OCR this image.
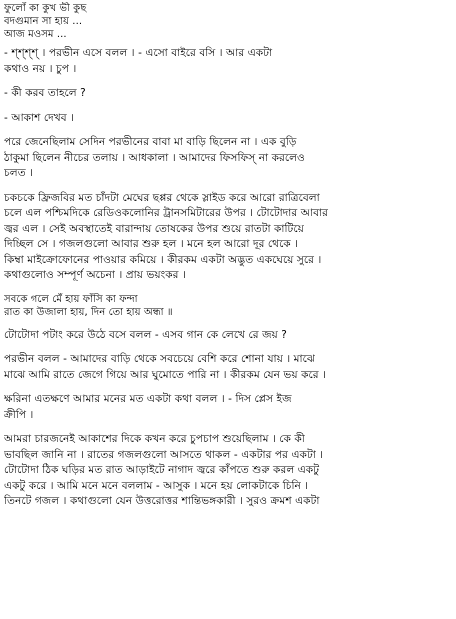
ফুলোঁ কা কুখ ভী কুছ
বদগুমান সা হায় ...
আজ মওসম ...
- শ্‌শ্‌শ্‌শ্‌ । পরভীন এসে বলল । - এসো বাইরে বসি । আর একটা
কথাও নয় । চুপ ।
- কী করব তাহলে ?
- আকাশ দেখব ।
পরে জেনেছিলাম সেদিন পরভীনের বাবা মা বাড়ি ছিলেন না । এক বুড়ি
ঠাকুমা ছিলেন নীচের তলায় । আধকালা । আমাদের ফিসফিস্‌ না করলেও
চলত ।
চকচকে ফ্রিজবির মত চাঁদটা মেঘের ছপ্পর থেকে স্লাইড করে আরো রাত্রিবেলা
চলে এল পশ্চিমদিকে রেডিওকলোনির ট্রানসমিটারের উপর । টোটোদার আবার
জ্বর এল । সেই অবস্থাতেই বারান্দায় তোষকের উপর শুয়ে রাতটা কাটিয়ে
দিচ্ছিল সে । গজলগুলো আবার শুরু হল । মনে হল আরো দূর থেকে ।
কিম্বা মাইক্রোফোনের পাওয়ার কমিয়ে । কীরকম একটা অদ্ভুত একঘেয়ে সুরে ।
কথাগুলোও সম্পূর্ণ অচেনা । প্রায় ভয়ংকর ।
সবকে গলে মেঁ হায় ফাঁসি কা ফন্দা
রাত কা উজালা হায়, দিন তো হায় অন্ধা ॥
টোটোদা পটাং করে উঠে বসে বলল - এসব গান কে লেখে রে জয় ?
পরভীন বলল - আমাদের বাড়ি থেকে সবচেয়ে বেশি করে শোনা যায় । মাঝে
মাঝে আমি রাতে জেগে গিয়ে আর ঘুমোতে পারি না । কীরকম যেন ভয় করে ।
ক্ষরিনা এতক্ষণে আমার মনের মত একটা কথা বলল । - দিস প্লেস ইজ
ক্রীপি ।
আমরা চারজনেই আকাশের দিকে কখন করে চুপচাপ শুয়েছিলাম । কে কী
ভাবছিল জানি না । রাতের গজলগুলো আসতে থাকল - একটার পর একটা ।
টোটোদা ঠিক ঘড়ির মত রাত আড়াইটে নাগাদ জ্বরে কাঁপতে শুরু করল একটু
একটু করে । আমি মনে মনে বললাম - আসুক । মনে হয় লোকটাকে চিনি ।
তিনটে গজল । কথাগুলো যেন উত্তরোত্তর শান্তিভঙ্গকারী । সুরও ক্রমশ একটা
